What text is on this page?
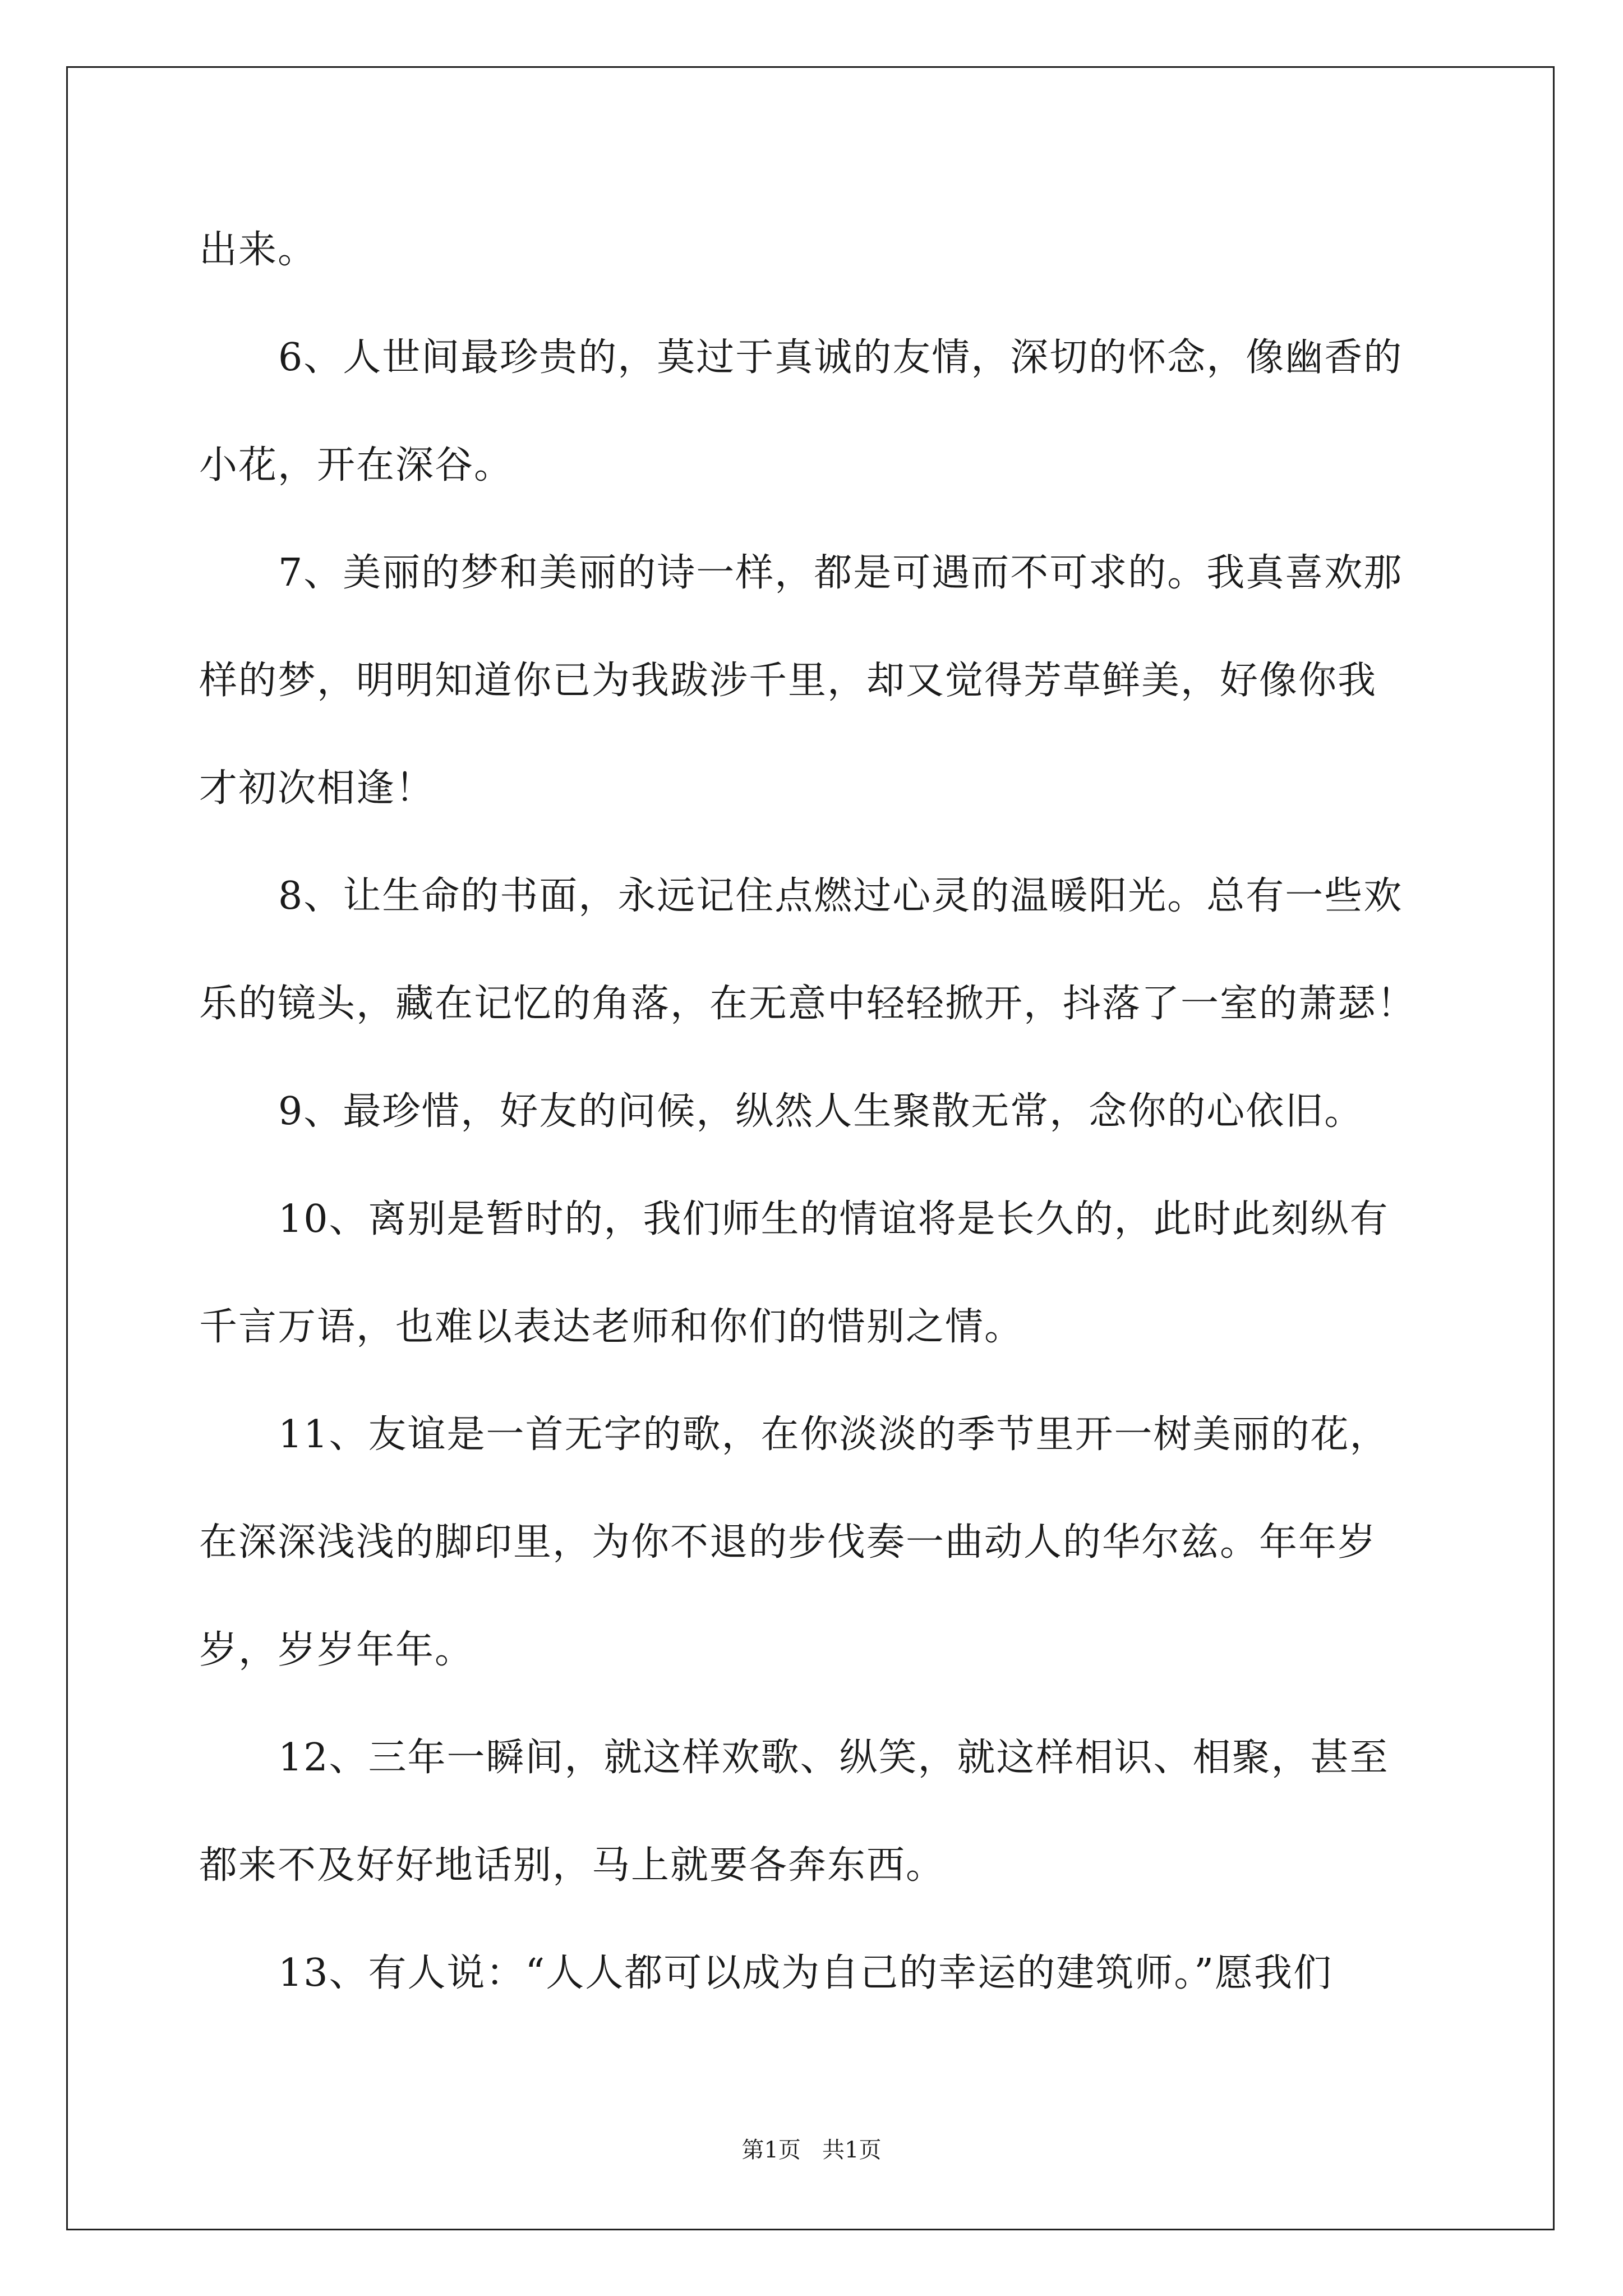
出来。
6、人世间最珍贵的，莫过于真诚的友情，深切的怀念，像幽香的
小花，开在深谷。
7、美丽的梦和美丽的诗一样，都是可遇而不可求的。我真喜欢那
样的梦，明明知道你已为我跋涉千里，却又觉得芳草鲜美，好像你我
才初次相逢！
8、让生命的书面，永远记住点燃过心灵的温暖阳光。总有一些欢
乐的镜头，藏在记忆的角落，在无意中轻轻掀开，抖落了一室的萧瑟！
9、最珍惜，好友的问候，纵然人生聚散无常，念你的心依旧。
10、离别是暂时的，我们师生的情谊将是长久的，此时此刻纵有
千言万语，也难以表达老师和你们的惜别之情。
11、友谊是一首无字的歌，在你淡淡的季节里开一树美丽的花，
在深深浅浅的脚印里，为你不退的步伐奏一曲动人的华尔兹。年年岁
岁，岁岁年年。
12、三年一瞬间，就这样欢歌、纵笑，就这样相识、相聚，甚至
都来不及好好地话别，马上就要各奔东西。
13、有人说：“人人都可以成为自己的幸运的建筑师。”愿我们
第1页   共1页
